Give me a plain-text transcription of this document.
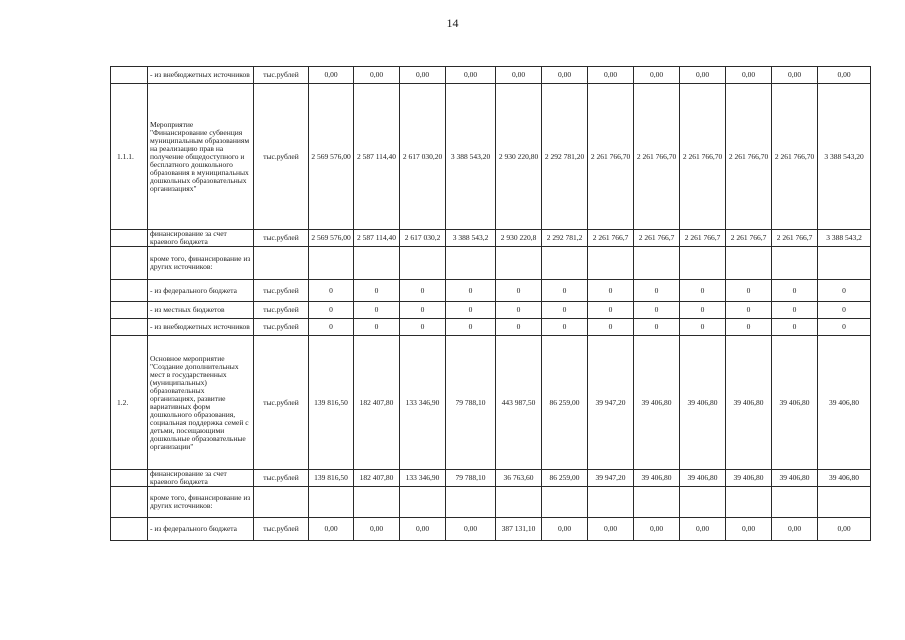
14
	- из внебюджетных источников	тыс.рублей	0,00	0,00	0,00	0,00	0,00	0,00	0,00	0,00	0,00	0,00	0,00	0,00
1.1.1.	Мероприятие "Финансирование субвенция муниципальным образованиям на реализацию прав на получение общедоступного и бесплатного дошкольного образования в муниципальных дошкольных образовательных организациях"	тыс.рублей	2 569 576,00	2 587 114,40	2 617 030,20	3 388 543,20	2 930 220,80	2 292 781,20	2 261 766,70	2 261 766,70	2 261 766,70	2 261 766,70	2 261 766,70	3 388 543,20
	финансирование за счет краевого бюджета	тыс.рублей	2 569 576,00	2 587 114,40	2 617 030,2	3 388 543,2	2 930 220,8	2 292 781,2	2 261 766,7	2 261 766,7	2 261 766,7	2 261 766,7	2 261 766,7	3 388 543,2
	кроме того, финансирование из других источников:													
	- из федерального бюджета	тыс.рублей	0	0	0	0	0	0	0	0	0	0	0	0
	- из местных бюджетов	тыс.рублей	0	0	0	0	0	0	0	0	0	0	0	0
	- из внебюджетных источников	тыс.рублей	0	0	0	0	0	0	0	0	0	0	0	0
1.2.	Основное мероприятие "Создание дополнительных мест в государственных (муниципальных) образовательных организациях, развитие вариативных форм дошкольного образования, социальная поддержка семей с детьми, посещающими дошкольные образовательные организации"	тыс.рублей	139 816,50	182 407,80	133 346,90	79 788,10	443 987,50	86 259,00	39 947,20	39 406,80	39 406,80	39 406,80	39 406,80	39 406,80
	финансирование за счет краевого бюджета	тыс.рублей	139 816,50	182 407,80	133 346,90	79 788,10	36 763,60	86 259,00	39 947,20	39 406,80	39 406,80	39 406,80	39 406,80	39 406,80
	кроме того, финансирование из других источников:													
	- из федерального бюджета	тыс.рублей	0,00	0,00	0,00	0,00	387 131,10	0,00	0,00	0,00	0,00	0,00	0,00	0,00
